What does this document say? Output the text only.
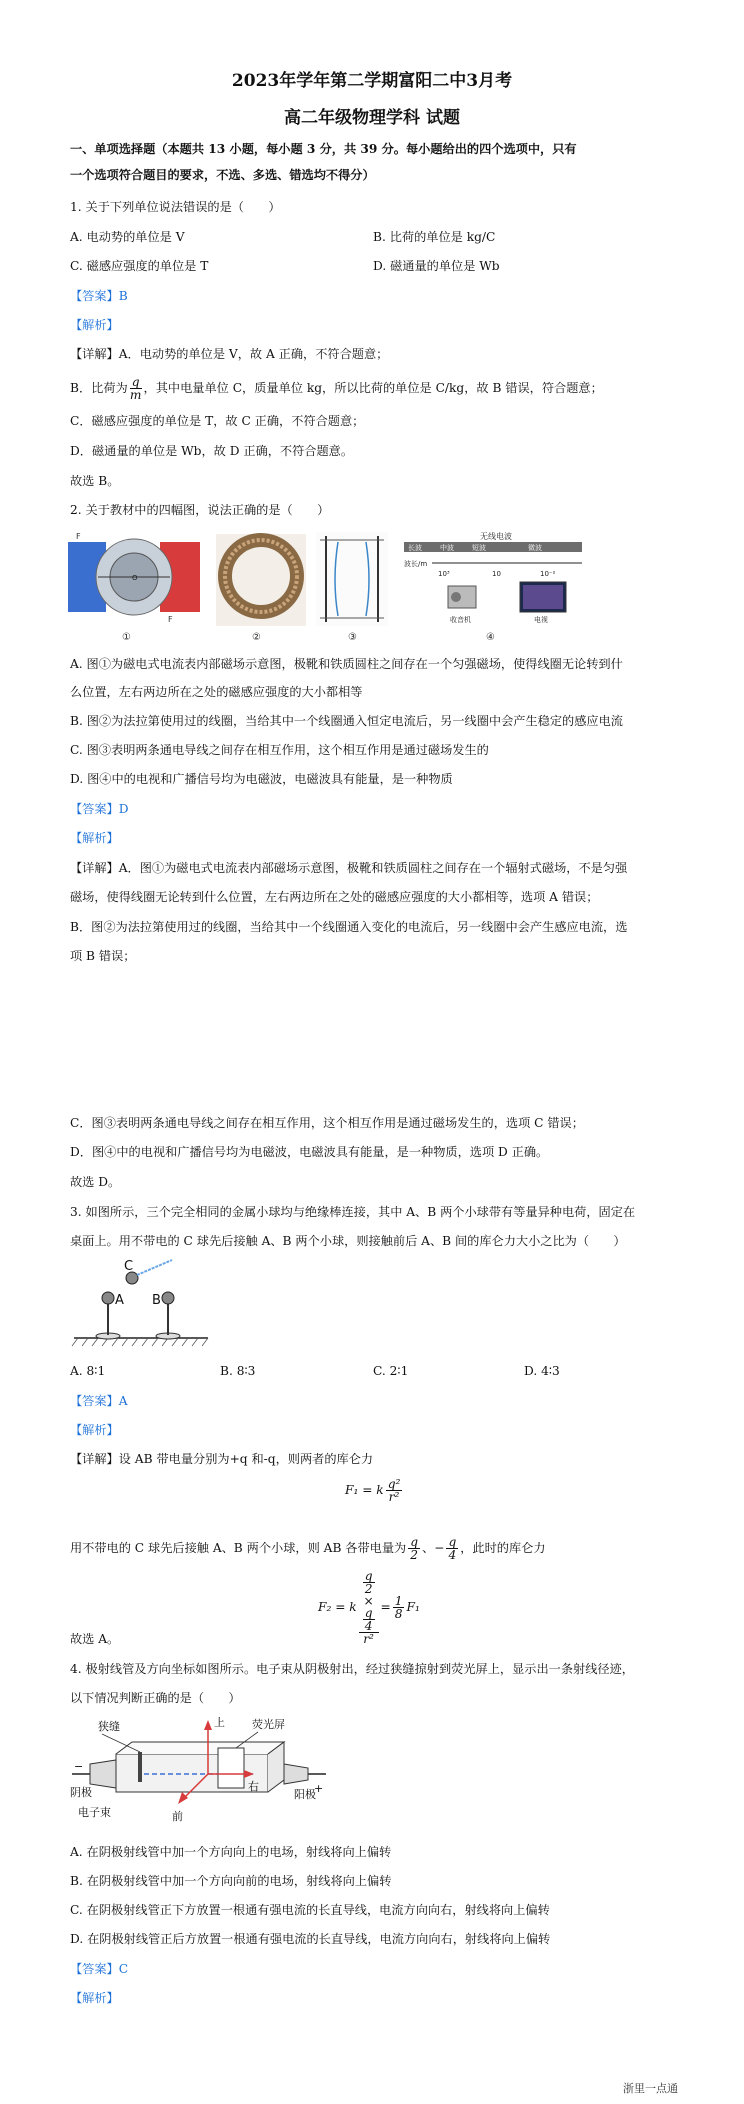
2023年学年第二学期富阳二中3月考
高二年级物理学科 试题
一、单项选择题（本题共 13 小题，每小题 3 分，共 39 分。每小题给出的四个选项中，只有
一个选项符合题目的要求，不选、多选、错选均不得分）
1. 关于下列单位说法错误的是（　　）
A. 电动势的单位是 V	B. 比荷的单位是 kg/C
C. 磁感应强度的单位是 T	D. 磁通量的单位是 Wb
【答案】B
【解析】
【详解】A．电动势的单位是 V，故 A 正确，不符合题意；
B．比荷为 $\frac{q}{m}$ ，其中电量单位 C，质量单位 kg，所以比荷的单位是 C/kg，故 B 错误，符合题意；
C．磁感应强度的单位是 T，故 C 正确，不符合题意；
D．磁通量的单位是 Wb，故 D 正确，不符合题意。
故选 B。
2. 关于教材中的四幅图，说法正确的是（　　）
F
F
O
①	②	③
无线电波
长波	中波	短波	微波
波长/m
10³	10	10⁻²
收音机	电视
④
A. 图①为磁电式电流表内部磁场示意图，极靴和铁质圆柱之间存在一个匀强磁场，使得线圈无论转到什
么位置，左右两边所在之处的磁感应强度的大小都相等
B. 图②为法拉第使用过的线圈，当给其中一个线圈通入恒定电流后，另一线圈中会产生稳定的感应电流
C. 图③表明两条通电导线之间存在相互作用，这个相互作用是通过磁场发生的
D. 图④中的电视和广播信号均为电磁波，电磁波具有能量，是一种物质
【答案】D
【解析】
【详解】A．图①为磁电式电流表内部磁场示意图，极靴和铁质圆柱之间存在一个辐射式磁场，不是匀强
磁场，使得线圈无论转到什么位置，左右两边所在之处的磁感应强度的大小都相等，选项 A 错误；
B．图②为法拉第使用过的线圈，当给其中一个线圈通入变化的电流后，另一线圈中会产生感应电流，选
项 B 错误；
C．图③表明两条通电导线之间存在相互作用，这个相互作用是通过磁场发生的，选项 C 错误；
D．图④中的电视和广播信号均为电磁波，电磁波具有能量，是一种物质，选项 D 正确。
故选 D。
3. 如图所示，三个完全相同的金属小球均与绝缘棒连接，其中 A、B 两个小球带有等量异种电荷，固定在
桌面上。用不带电的 C 球先后接触 A、B 两个小球，则接触前后 A、B 间的库仑力大小之比为（　　）
C
A B
A. 8∶1	B. 8∶3	C. 2∶1	D. 4∶3
【答案】A
【解析】
【详解】设 AB 带电量分别为+q 和-q，则两者的库仑力
F₁ = k $\frac{\text{q²}}{\text{r²}}$
用不带电的 C 球先后接触 A、B 两个小球，则 AB 各带电量为 $\frac{q}{2}$ 、− $\frac{q}{4}$ ，此时的库仑力
F₂ = k q
2
×
q
4
$r^2 = \frac{1}{8} F_1$
故选 A。
4. 极射线管及方向坐标如图所示。电子束从阴极射出，经过狭缝掠射到荧光屏上，显示出一条射线径迹，
以下情况判断正确的是（　　）
狭缝	上 荧光屏
阴极
电子束
右
阳极
前
−
+
A. 在阴极射线管中加一个方向向上的电场，射线将向上偏转
B. 在阴极射线管中加一个方向向前的电场，射线将向上偏转
C. 在阴极射线管正下方放置一根通有强电流的长直导线，电流方向向右，射线将向上偏转
D. 在阴极射线管正后方放置一根通有强电流的长直导线，电流方向向右，射线将向上偏转
【答案】C
【解析】
浙里一点通
